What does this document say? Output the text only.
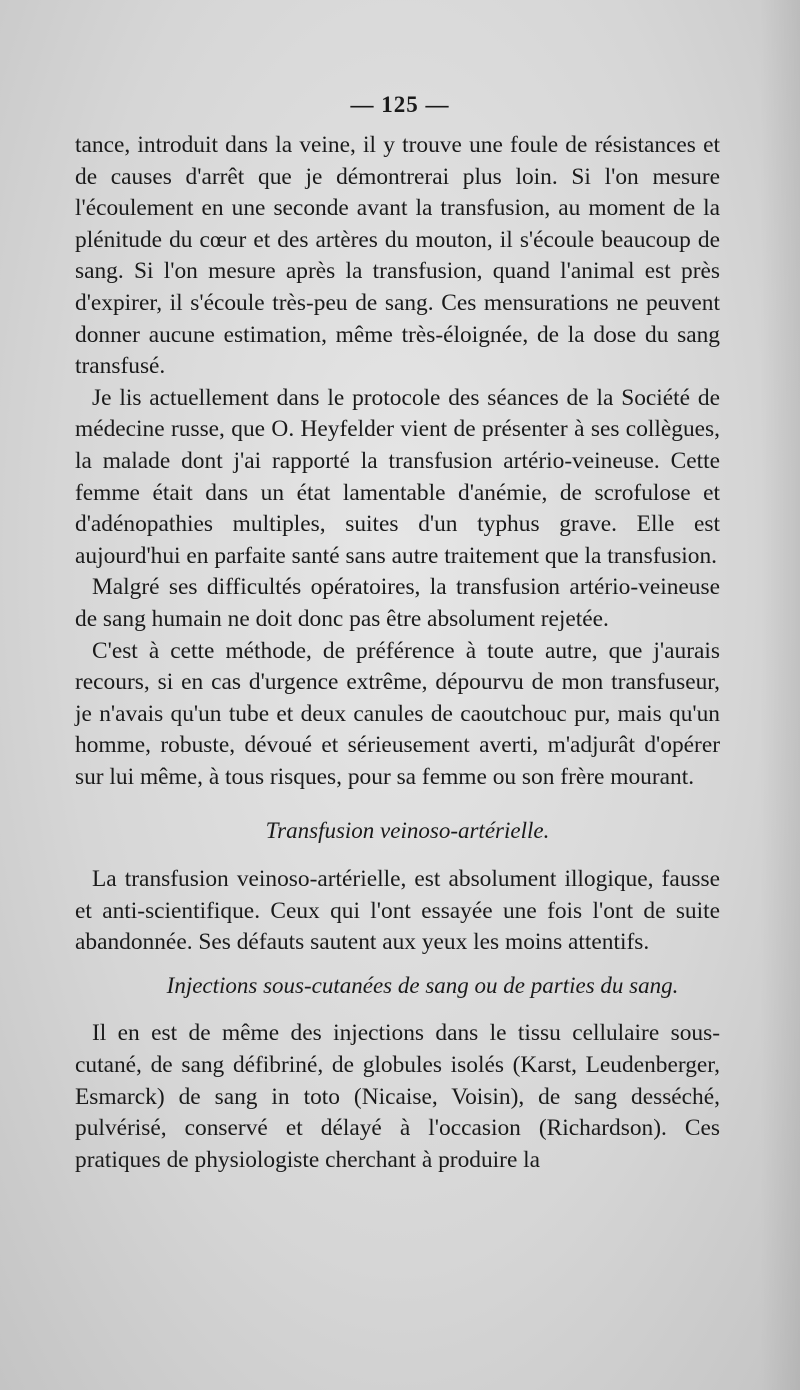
— 125 —

tance, introduit dans la veine, il y trouve une foule de résistances et de causes d'arrêt que je démontrerai plus loin. Si l'on mesure l'écoulement en une seconde avant la transfusion, au moment de la plénitude du cœur et des artères du mouton, il s'écoule beaucoup de sang. Si l'on mesure après la transfusion, quand l'animal est près d'expirer, il s'écoule très-peu de sang. Ces mensurations ne peuvent donner aucune estimation, même très-éloignée, de la dose du sang transfusé.

Je lis actuellement dans le protocole des séances de la Société de médecine russe, que O. Heyfelder vient de présenter à ses collègues, la malade dont j'ai rapporté la transfusion artério-veineuse. Cette femme était dans un état lamentable d'anémie, de scrofulose et d'adénopathies multiples, suites d'un typhus grave. Elle est aujourd'hui en parfaite santé sans autre traitement que la transfusion.

Malgré ses difficultés opératoires, la transfusion artério-veineuse de sang humain ne doit donc pas être absolument rejetée.

C'est à cette méthode, de préférence à toute autre, que j'aurais recours, si en cas d'urgence extrême, dépourvu de mon transfuseur, je n'avais qu'un tube et deux canules de caoutchouc pur, mais qu'un homme, robuste, dévoué et sérieusement averti, m'adjurât d'opérer sur lui même, à tous risques, pour sa femme ou son frère mourant.

Transfusion veinoso-artérielle.

La transfusion veinoso-artérielle, est absolument illogique, fausse et anti-scientifique. Ceux qui l'ont essayée une fois l'ont de suite abandonnée. Ses défauts sautent aux yeux les moins attentifs.

Injections sous-cutanées de sang ou de parties du sang.

Il en est de même des injections dans le tissu cellulaire sous-cutané, de sang défibriné, de globules isolés (Karst, Leudenberger, Esmarck) de sang in toto (Nicaise, Voisin), de sang desséché, pulvérisé, conservé et délayé à l'occasion (Richardson). Ces pratiques de physiologiste cherchant à produire la
